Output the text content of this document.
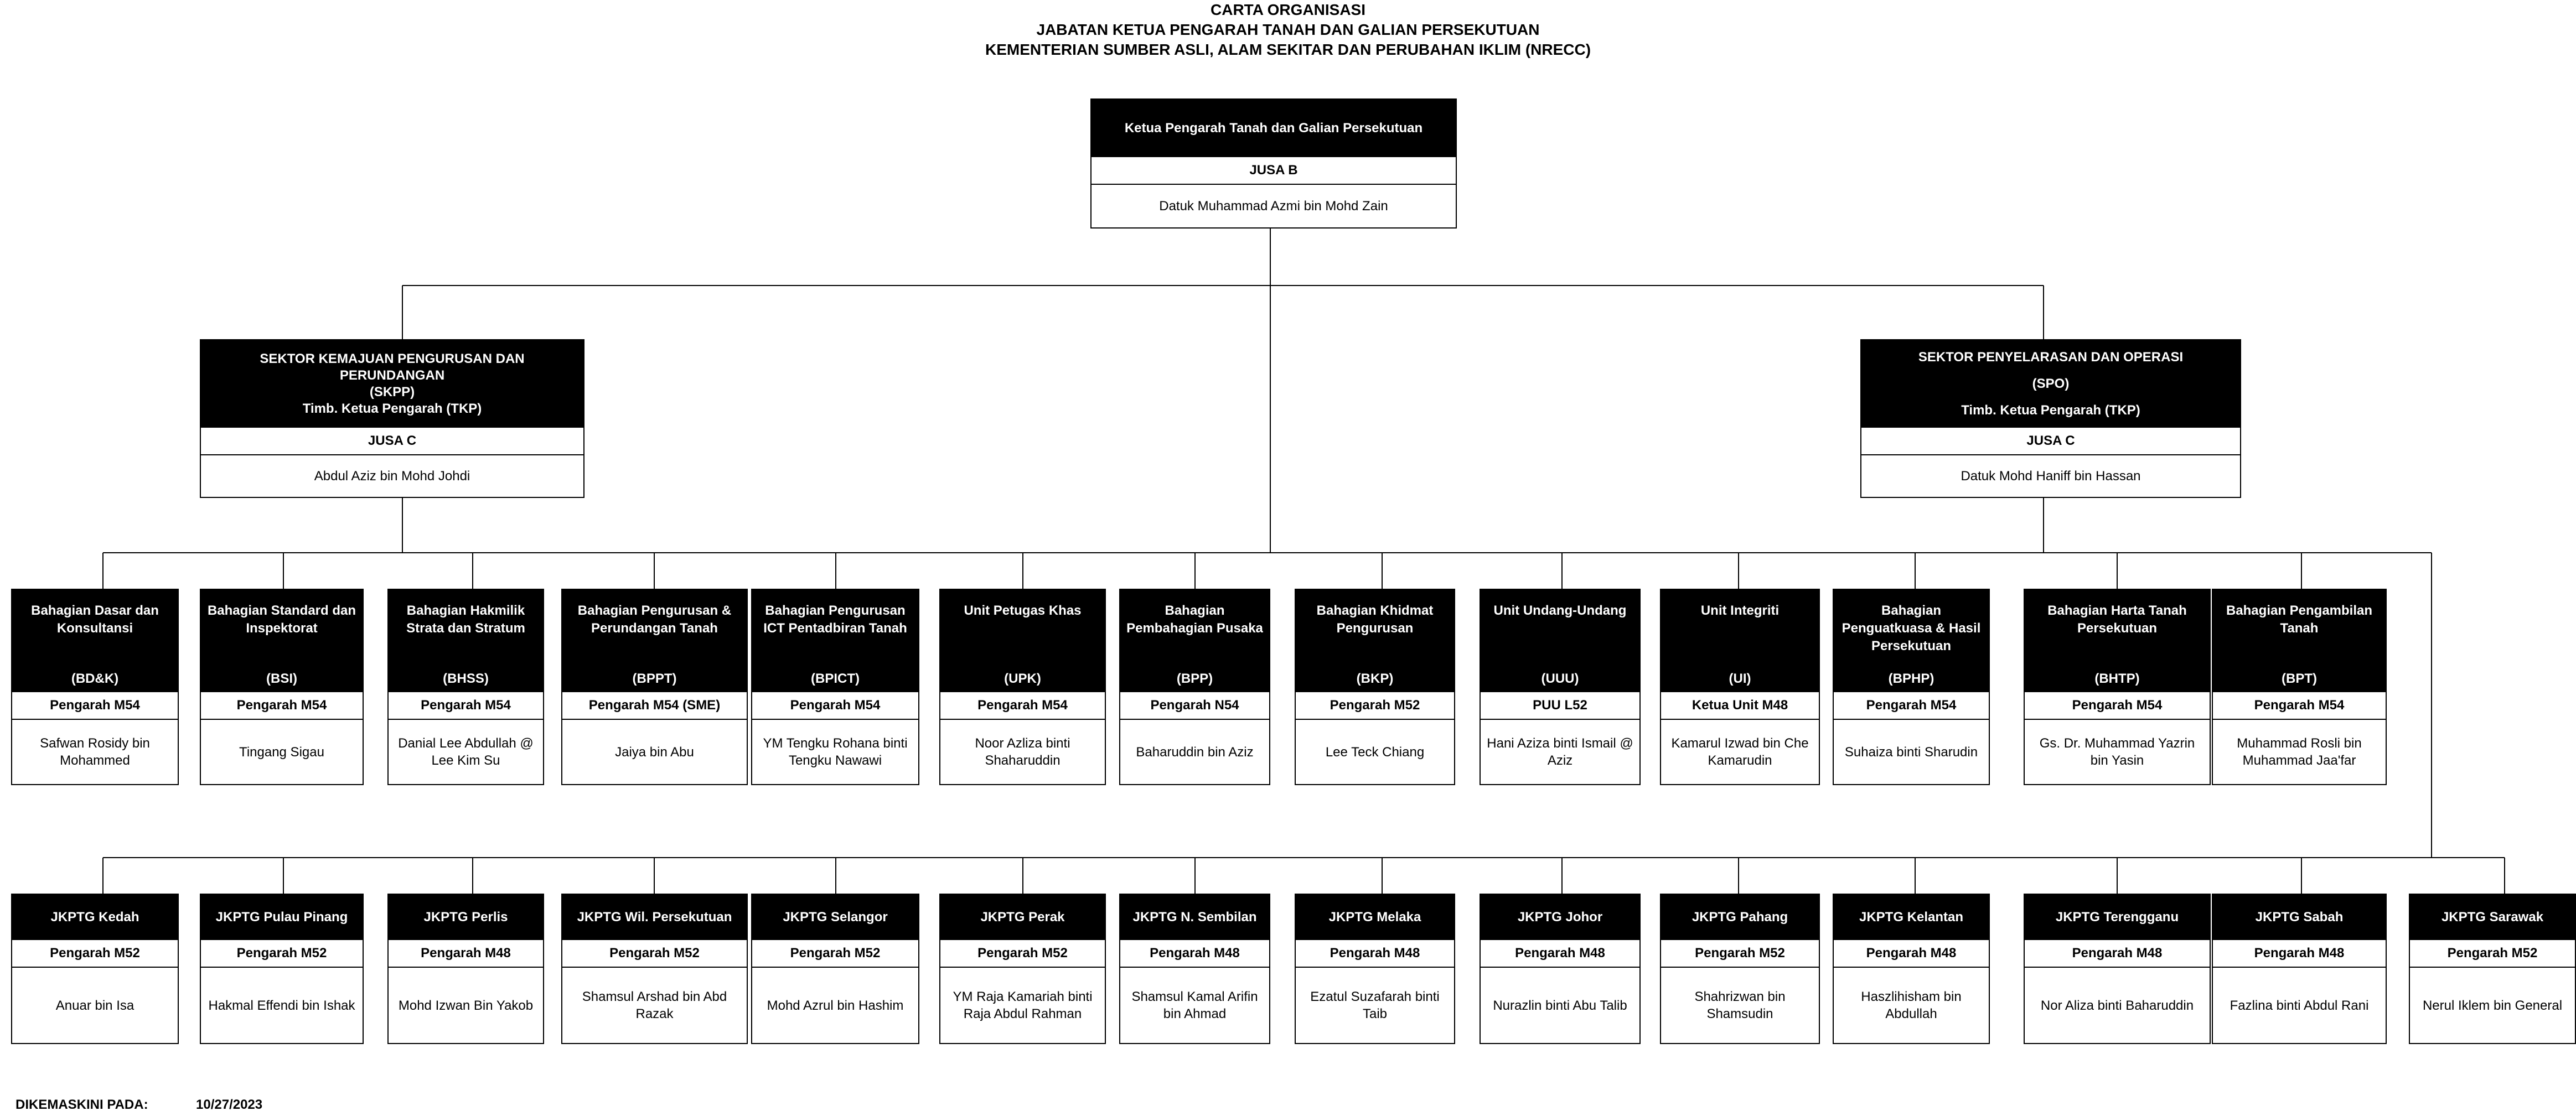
CARTA ORGANISASI
JABATAN KETUA PENGARAH TANAH DAN GALIAN PERSEKUTUAN
KEMENTERIAN SUMBER ASLI, ALAM SEKITAR DAN PERUBAHAN IKLIM (NRECC)
Ketua Pengarah Tanah dan Galian Persekutuan
JUSA B
Datuk Muhammad Azmi bin Mohd Zain
SEKTOR KEMAJUAN PENGURUSAN DAN
PERUNDANGAN
(SKPP)
Timb. Ketua Pengarah (TKP)
JUSA C
Abdul Aziz bin Mohd Johdi
SEKTOR PENYELARASAN DAN OPERASI
(SPO)
Timb. Ketua Pengarah (TKP)
JUSA C
Datuk Mohd Haniff bin Hassan
Bahagian Dasar dan Konsultansi
(BD&K)
Pengarah M54
Safwan Rosidy bin Mohammed
Bahagian Standard dan Inspektorat
(BSI)
Pengarah M54
Tingang Sigau
Bahagian Hakmilik Strata dan Stratum
(BHSS)
Pengarah M54
Danial Lee Abdullah @ Lee Kim Su
Bahagian Pengurusan & Perundangan Tanah
(BPPT)
Pengarah M54 (SME)
Jaiya bin Abu
Bahagian Pengurusan ICT Pentadbiran Tanah
(BPICT)
Pengarah M54
YM Tengku Rohana binti Tengku Nawawi
Unit Petugas Khas
(UPK)
Pengarah M54
Noor Azliza binti Shaharuddin
Bahagian Pembahagian Pusaka
(BPP)
Pengarah N54
Baharuddin bin Aziz
Bahagian Khidmat Pengurusan
(BKP)
Pengarah M52
Lee Teck Chiang
Unit Undang-Undang
(UUU)
PUU L52
Hani Aziza binti Ismail @ Aziz
Unit Integriti
(UI)
Ketua Unit M48
Kamarul Izwad bin Che Kamarudin
Bahagian Penguatkuasa & Hasil Persekutuan
(BPHP)
Pengarah M54
Suhaiza binti Sharudin
Bahagian Harta Tanah Persekutuan
(BHTP)
Pengarah M54
Gs. Dr. Muhammad Yazrin bin Yasin
Bahagian Pengambilan Tanah
(BPT)
Pengarah M54
Muhammad Rosli bin Muhammad Jaa'far
JKPTG Kedah
Pengarah M52
Anuar bin Isa
JKPTG Pulau Pinang
Pengarah M52
Hakmal Effendi bin Ishak
JKPTG Perlis
Pengarah M48
Mohd Izwan Bin Yakob
JKPTG Wil. Persekutuan
Pengarah M52
Shamsul Arshad bin Abd Razak
JKPTG Selangor
Pengarah M52
Mohd Azrul bin Hashim
JKPTG Perak
Pengarah M52
YM Raja Kamariah binti Raja Abdul Rahman
JKPTG N. Sembilan
Pengarah M48
Shamsul Kamal Arifin bin Ahmad
JKPTG Melaka
Pengarah M48
Ezatul Suzafarah binti Taib
JKPTG Johor
Pengarah M48
Nurazlin binti Abu Talib
JKPTG Pahang
Pengarah M52
Shahrizwan bin Shamsudin
JKPTG Kelantan
Pengarah M48
Haszlihisham bin Abdullah
JKPTG Terengganu
Pengarah M48
Nor Aliza binti Baharuddin
JKPTG Sabah
Pengarah M48
Fazlina binti Abdul Rani
JKPTG Sarawak
Pengarah M52
Nerul Iklem bin General
DIKEMASKINI PADA:	10/27/2023
